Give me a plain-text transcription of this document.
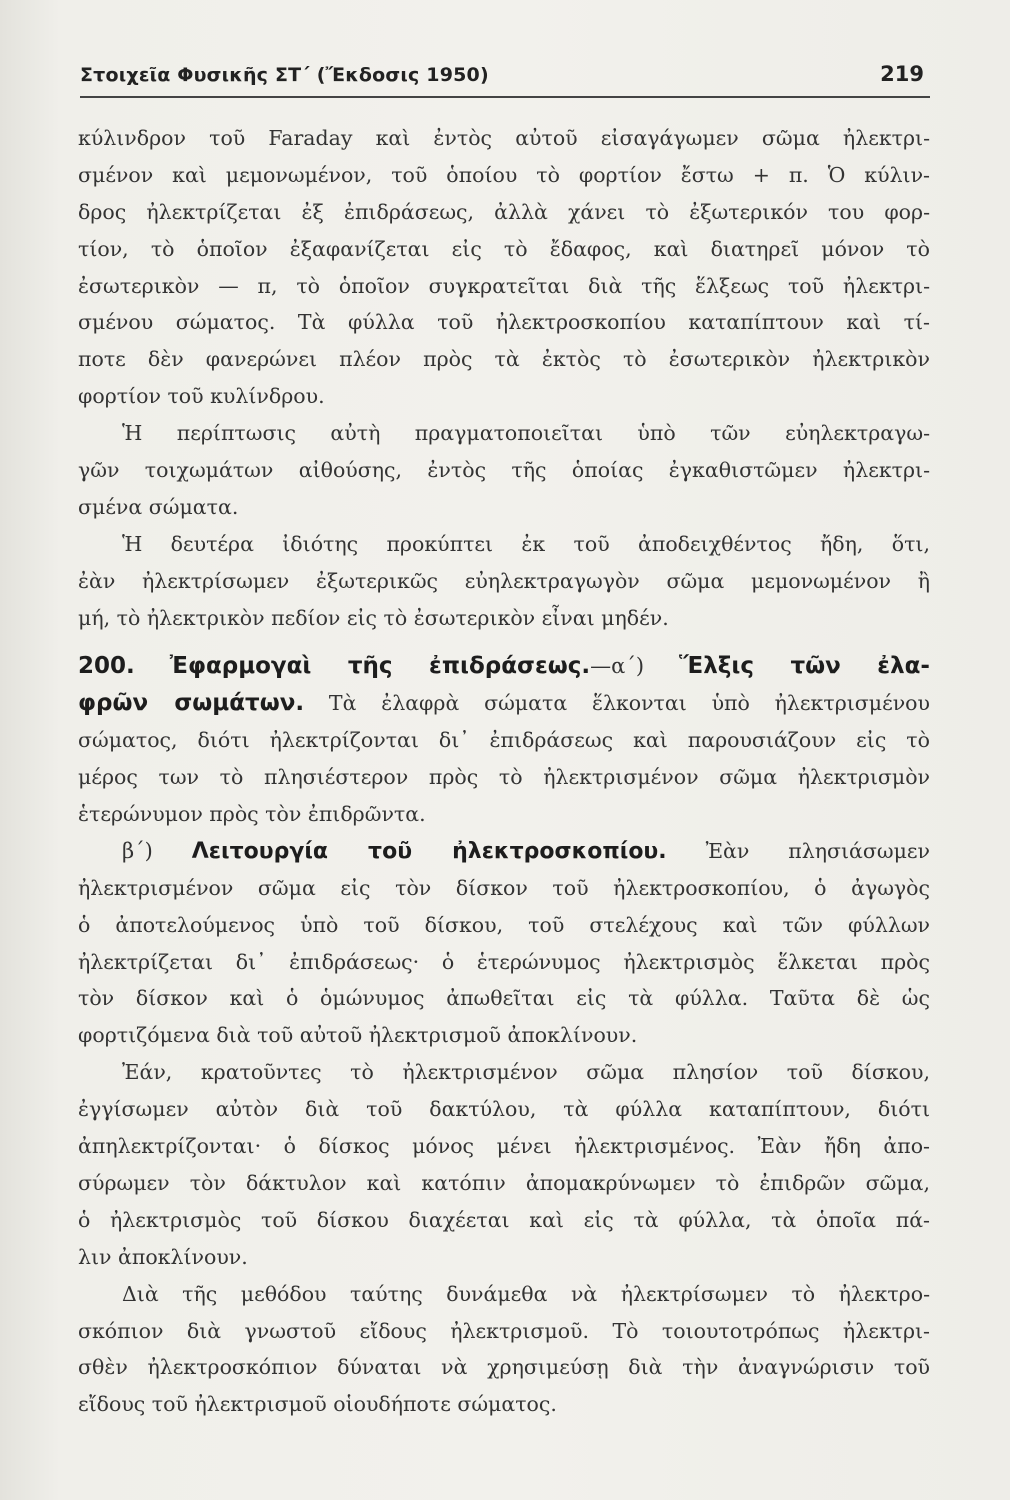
Στοιχεῖα Φυσικῆς ΣΤ΄ (Ἔκδοσις 1950)	219
κύλινδρον τοῦ Faraday καὶ ἐντὸς αὐτοῦ εἰσαγάγωμεν σῶμα ἠλεκτρι-
σμένον καὶ μεμονωμένον, τοῦ ὁποίου τὸ φορτίον ἔστω + π. Ὁ κύλιν-
δρος ἠλεκτρίζεται ἐξ ἐπιδράσεως, ἀλλὰ χάνει τὸ ἐξωτερικόν του φορ-
τίον, τὸ ὁποῖον ἐξαφανίζεται εἰς τὸ ἔδαφος, καὶ διατηρεῖ μόνον τὸ
ἐσωτερικὸν — π, τὸ ὁποῖον συγκρατεῖται διὰ τῆς ἕλξεως τοῦ ἠλεκτρι-
σμένου σώματος. Τὰ φύλλα τοῦ ἠλεκτροσκοπίου καταπίπτουν καὶ τί-
ποτε δὲν φανερώνει πλέον πρὸς τὰ ἐκτὸς τὸ ἐσωτερικὸν ἠλεκτρικὸν
φορτίον τοῦ κυλίνδρου.
Ἡ περίπτωσις αὐτὴ πραγματοποιεῖται ὑπὸ τῶν εὐηλεκτραγω-
γῶν τοιχωμάτων αἰθούσης, ἐντὸς τῆς ὁποίας ἐγκαθιστῶμεν ἠλεκτρι-
σμένα σώματα.
Ἡ δευτέρα ἰδιότης προκύπτει ἐκ τοῦ ἀποδειχθέντος ἤδη, ὅτι,
ἐὰν ἠλεκτρίσωμεν ἐξωτερικῶς εὐηλεκτραγωγὸν σῶμα μεμονωμένον ἢ
μή, τὸ ἠλεκτρικὸν πεδίον εἰς τὸ ἐσωτερικὸν εἶναι μηδέν.
200. Ἐφαρμογαὶ τῆς ἐπιδράσεως.—α΄) Ἕλξις τῶν ἐλα-
φρῶν σωμάτων. Τὰ ἐλαφρὰ σώματα ἕλκονται ὑπὸ ἠλεκτρισμένου
σώματος, διότι ἠλεκτρίζονται δι᾿ ἐπιδράσεως καὶ παρουσιάζουν εἰς τὸ
μέρος των τὸ πλησιέστερον πρὸς τὸ ἠλεκτρισμένον σῶμα ἠλεκτρισμὸν
ἑτερώνυμον πρὸς τὸν ἐπιδρῶντα.
β΄) Λειτουργία τοῦ ἠλεκτροσκοπίου. Ἐὰν πλησιάσωμεν
ἠλεκτρισμένον σῶμα εἰς τὸν δίσκον τοῦ ἠλεκτροσκοπίου, ὁ ἀγωγὸς
ὁ ἀποτελούμενος ὑπὸ τοῦ δίσκου, τοῦ στελέχους καὶ τῶν φύλλων
ἠλεκτρίζεται δι᾿ ἐπιδράσεως· ὁ ἑτερώνυμος ἠλεκτρισμὸς ἕλκεται πρὸς
τὸν δίσκον καὶ ὁ ὁμώνυμος ἀπωθεῖται εἰς τὰ φύλλα. Ταῦτα δὲ ὡς
φορτιζόμενα διὰ τοῦ αὐτοῦ ἠλεκτρισμοῦ ἀποκλίνουν.
Ἐάν, κρατοῦντες τὸ ἠλεκτρισμένον σῶμα πλησίον τοῦ δίσκου,
ἐγγίσωμεν αὐτὸν διὰ τοῦ δακτύλου, τὰ φύλλα καταπίπτουν, διότι
ἀπηλεκτρίζονται· ὁ δίσκος μόνος μένει ἠλεκτρισμένος. Ἐὰν ἤδη ἀπο-
σύρωμεν τὸν δάκτυλον καὶ κατόπιν ἀπομακρύνωμεν τὸ ἐπιδρῶν σῶμα,
ὁ ἠλεκτρισμὸς τοῦ δίσκου διαχέεται καὶ εἰς τὰ φύλλα, τὰ ὁποῖα πά-
λιν ἀποκλίνουν.
Διὰ τῆς μεθόδου ταύτης δυνάμεθα νὰ ἠλεκτρίσωμεν τὸ ἠλεκτρο-
σκόπιον διὰ γνωστοῦ εἴδους ἠλεκτρισμοῦ. Τὸ τοιουτοτρόπως ἠλεκτρι-
σθὲν ἠλεκτροσκόπιον δύναται νὰ χρησιμεύσῃ διὰ τὴν ἀναγνώρισιν τοῦ
εἴδους τοῦ ἠλεκτρισμοῦ οἱουδήποτε σώματος.
